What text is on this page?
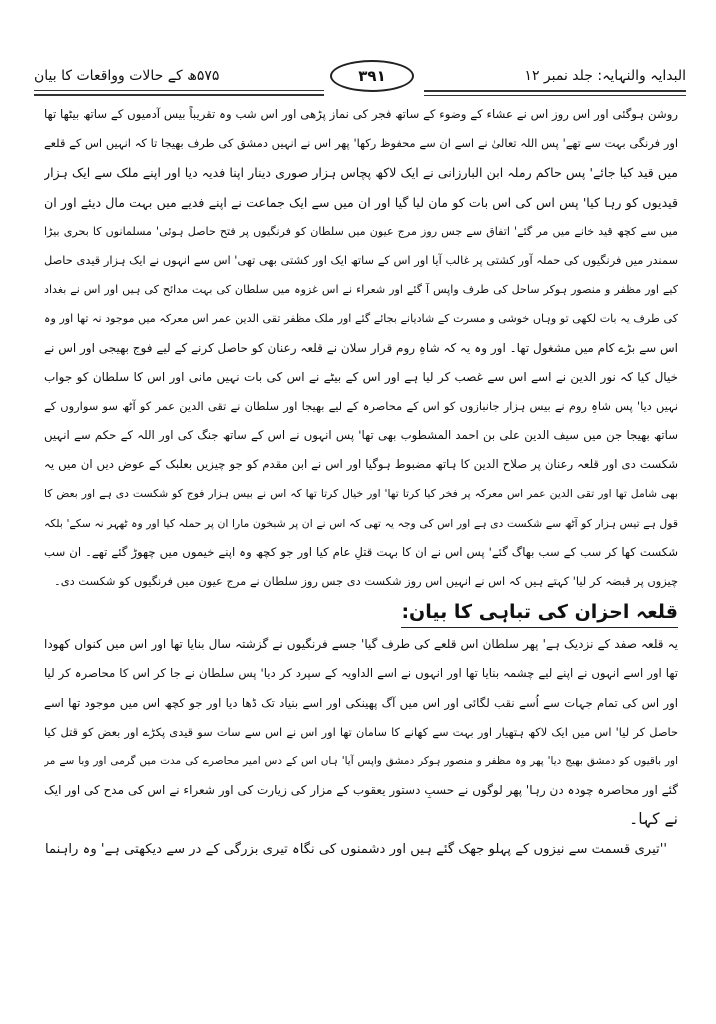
البدایہ والنہایہ: جلد نمبر ۱۲
۳۹۱
۵۷۵ھ کے حالات وواقعات کا بیان
روشن ہوگئی اور اس روز اس نے عشاء کے وضوء کے ساتھ فجر کی نماز پڑھی اور اس شب وہ تقریباً بیس آدمیوں کے ساتھ بیٹھا تھا
اور فرنگی بہت سے تھے' پس اللہ تعالیٰ نے اسے ان سے محفوظ رکھا' پھر اس نے انہیں دمشق کی طرف بھیجا تا کہ انہیں اس کے قلعے
میں قید کیا جائے' پس حاکم رملہ ابن البارزانی نے ایک لاکھ پچاس ہزار صوری دینار اپنا فدیہ دیا اور اپنے ملک سے ایک ہزار
قیدیوں کو رہا کیا' پس اس کی اس بات کو مان لیا گیا اور ان میں سے ایک جماعت نے اپنے فدیے میں بہت مال دیئے اور ان
میں سے کچھ قید خانے میں مر گئے' اتفاق سے جس روز مرج عیون میں سلطان کو فرنگیوں پر فتح حاصل ہوئی' مسلمانوں کا بحری بیڑا
سمندر میں فرنگیوں کی حملہ آور کشتی پر غالب آیا اور اس کے ساتھ ایک اور کشتی بھی تھی' اس سے انہوں نے ایک ہزار قیدی حاصل
کیے اور مظفر و منصور ہوکر ساحل کی طرف واپس آ گئے اور شعراء نے اس غزوہ میں سلطان کی بہت مدائح کی ہیں اور اس نے بغداد
کی طرف یہ بات لکھی تو وہاں خوشی و مسرت کے شادیانے بجائے گئے اور ملک مظفر تقی الدین عمر اس معرکہ میں موجود نہ تھا اور وہ
اس سے بڑے کام میں مشغول تھا۔ اور وہ یہ کہ شاہِ روم قرار سلان نے قلعہ رعنان کو حاصل کرنے کے لیے فوج بھیجی اور اس نے
خیال کیا کہ نور الدین نے اسے اس سے غصب کر لیا ہے اور اس کے بیٹے نے اس کی بات نہیں مانی اور اس کا سلطان کو جواب
نہیں دیا' پس شاہِ روم نے بیس ہزار جانبازوں کو اس کے محاصرہ کے لیے بھیجا اور سلطان نے تقی الدین عمر کو آٹھ سو سواروں کے
ساتھ بھیجا جن میں سیف الدین علی بن احمد المشطوب بھی تھا' پس انہوں نے اس کے ساتھ جنگ کی اور اللہ کے حکم سے انہیں
شکست دی اور قلعہ رعنان پر صلاح الدین کا ہاتھ مضبوط ہوگیا اور اس نے ابن مقدم کو جو چیزیں بعلبک کے عوض دیں ان میں یہ
بھی شامل تھا اور تقی الدین عمر اس معرکہ پر فخر کیا کرتا تھا' اور خیال کرتا تھا کہ اس نے بیس ہزار فوج کو شکست دی ہے اور بعض کا
قول ہے تیس ہزار کو آٹھ سے شکست دی ہے اور اس کی وجہ یہ تھی کہ اس نے ان پر شبخون مارا ان پر حملہ کیا اور وہ ٹھہر نہ سکے' بلکہ
شکست کھا کر سب کے سب بھاگ گئے' پس اس نے ان کا بہت قتلِ عام کیا اور جو کچھ وہ اپنے خیموں میں چھوڑ گئے تھے۔ ان سب
چیزوں پر قبضہ کر لیا' کہتے ہیں کہ اس نے انہیں اس روز شکست دی جس روز سلطان نے مرج عیون میں فرنگیوں کو شکست دی۔
قلعہ احزان کی تباہی کا بیان:
یہ قلعہ صفد کے نزدیک ہے' پھر سلطان اس قلعے کی طرف گیا' جسے فرنگیوں نے گزشتہ سال بنایا تھا اور اس میں کنواں کھودا
تھا اور اسے انہوں نے اپنے لیے چشمہ بنایا تھا اور انہوں نے اسے الداویہ کے سپرد کر دیا' پس سلطان نے جا کر اس کا محاصرہ کر لیا
اور اس کی تمام جہات سے اُسے نقب لگائی اور اس میں آگ پھینکی اور اسے بنیاد تک ڈھا دیا اور جو کچھ اس میں موجود تھا اسے
حاصل کر لیا' اس میں ایک لاکھ ہتھیار اور بہت سے کھانے کا سامان تھا اور اس نے اس سے سات سو قیدی پکڑے اور بعض کو قتل کیا
اور باقیوں کو دمشق بھیج دیا' پھر وہ مظفر و منصور ہوکر دمشق واپس آیا' ہاں اس کے دس امیر محاصرے کی مدت میں گرمی اور وبا سے مر
گئے اور محاصرہ چودہ دن رہا' پھر لوگوں نے حسبِ دستور یعقوب کے مزار کی زیارت کی اور شعراء نے اس کی مدح کی اور ایک
نے کہا۔
''تیری قسمت سے نیزوں کے پہلو جھک گئے ہیں اور دشمنوں کی نگاہ تیری بزرگی کے در سے دیکھتی ہے' وہ راہنما
